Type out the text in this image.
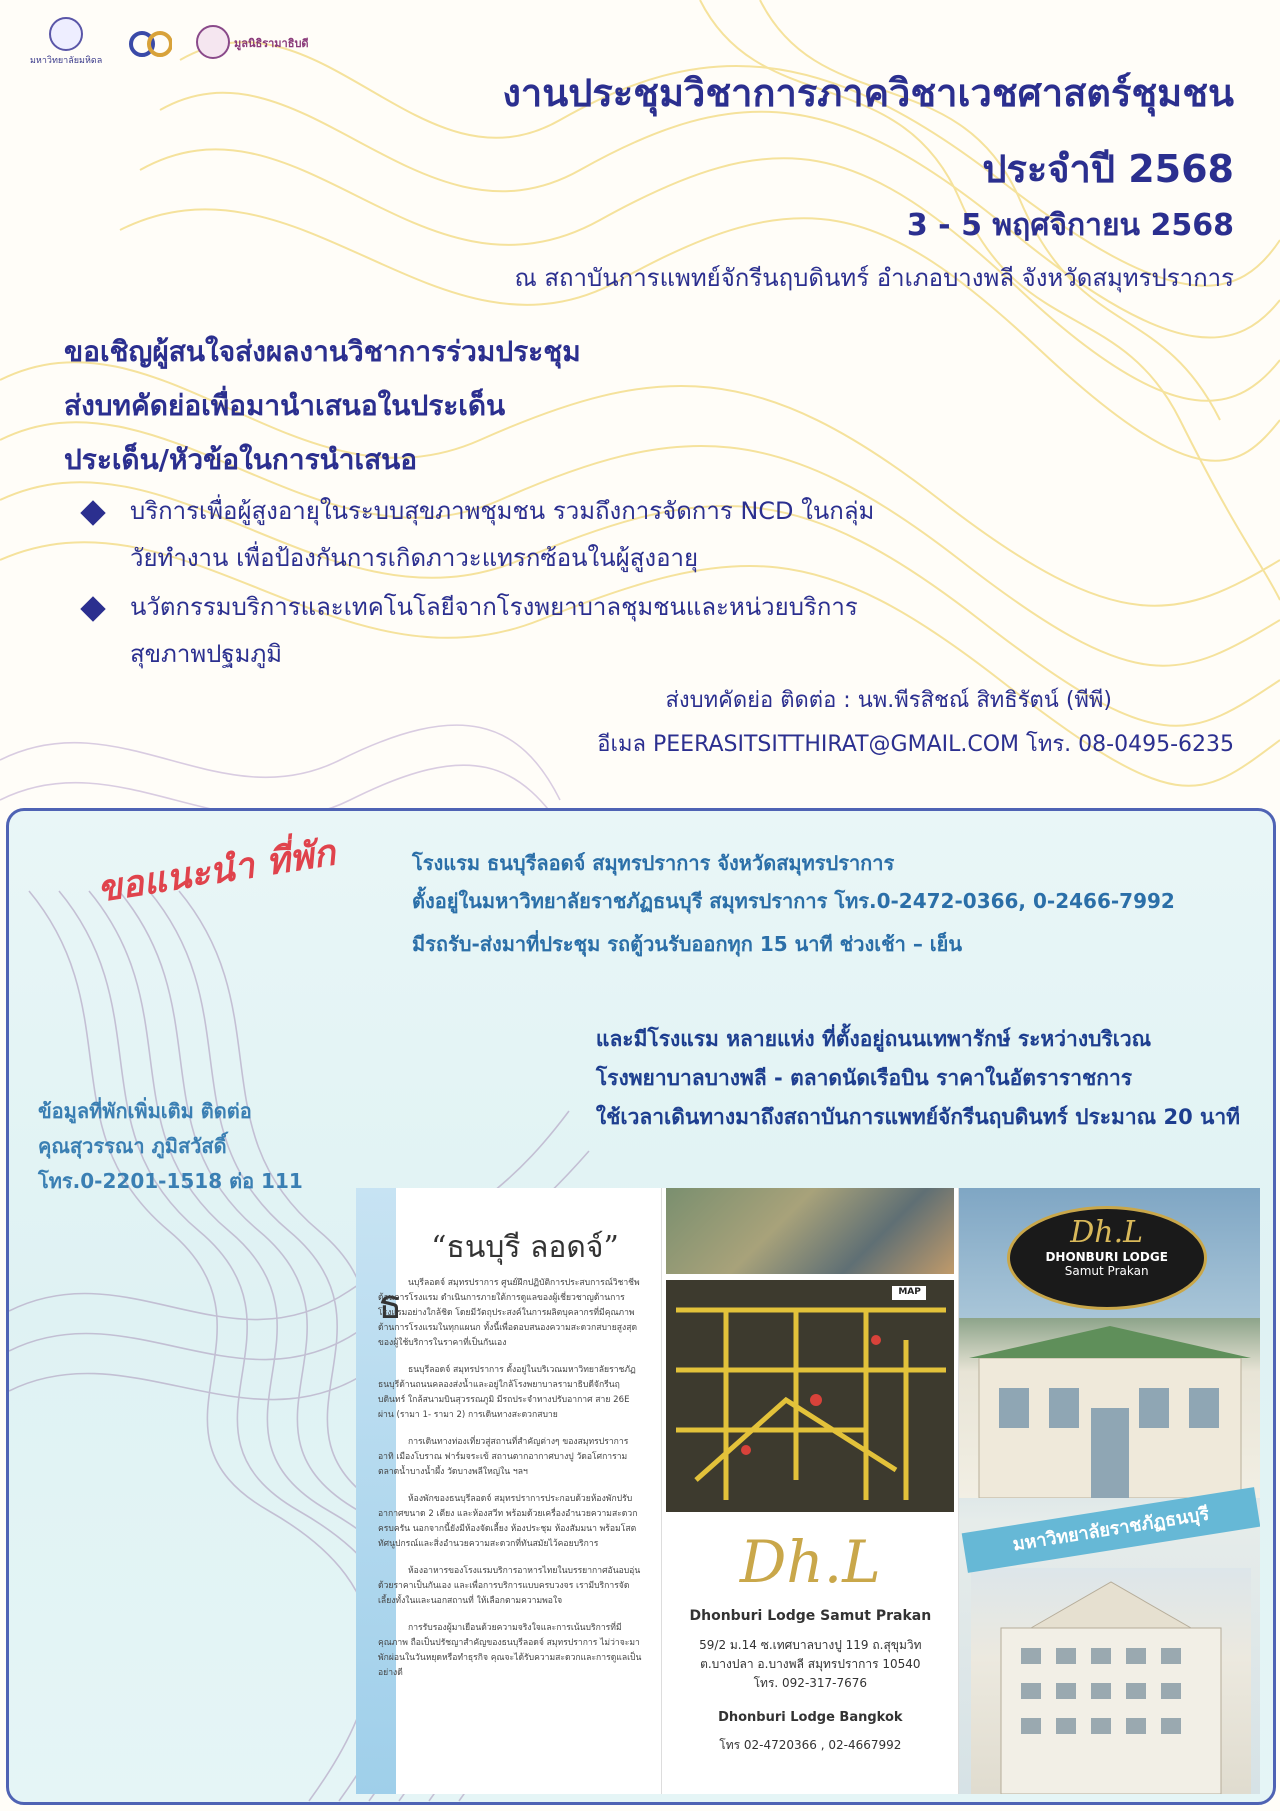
มหาวิทยาลัยมหิดล
มูลนิธิรามาธิบดี
งานประชุมวิชาการภาควิชาเวชศาสตร์ชุมชน
ประจำปี 2568
3 - 5 พฤศจิกายน 2568
ณ สถาบันการแพทย์จักรีนฤบดินทร์ อำเภอบางพลี จังหวัดสมุทรปราการ
ขอเชิญผู้สนใจส่งผลงานวิชาการร่วมประชุม
ส่งบทคัดย่อเพื่อมานำเสนอในประเด็น
ประเด็น/หัวข้อในการนำเสนอ
บริการเพื่อผู้สูงอายุในระบบสุขภาพชุมชน รวมถึงการจัดการ NCD ในกลุ่ม
วัยทำงาน เพื่อป้องกันการเกิดภาวะแทรกซ้อนในผู้สูงอายุ
นวัตกรรมบริการและเทคโนโลยีจากโรงพยาบาลชุมชนและหน่วยบริการ
สุขภาพปฐมภูมิ
ส่งบทคัดย่อ ติดต่อ : นพ.พีรสิชณ์ สิทธิรัตน์ (พีพี)
อีเมล PEERASITSITTHIRAT@GMAIL.COM โทร. 08-0495-6235
ขอแนะนำ ที่พัก	โรงแรม ธนบุรีลอดจ์ สมุทรปราการ จังหวัดสมุทรปราการ
ตั้งอยู่ในมหาวิทยาลัยราชภัฏธนบุรี สมุทรปราการ โทร.0-2472-0366, 0-2466-7992
มีรถรับ-ส่งมาที่ประชุม รถตู้วนรับออกทุก 15 นาที ช่วงเช้า – เย็น
และมีโรงแรม หลายแห่ง ที่ตั้งอยู่ถนนเทพารักษ์ ระหว่างบริเวณ
โรงพยาบาลบางพลี - ตลาดนัดเรือบิน ราคาในอัตราราชการ
ใช้เวลาเดินทางมาถึงสถาบันการแพทย์จักรีนฤบดินทร์ ประมาณ 20 นาที
ข้อมูลที่พักเพิ่มเติม ติดต่อ
คุณสุวรรณา ภูมิสวัสดิ์
โทร.0-2201-1518 ต่อ 111
“ธนบุรี ลอดจ์”
ธ นบุรีลอดจ์ สมุทรปราการ ศูนย์ฝึกปฏิบัติการประสบการณ์วิชาชีพด้านการโรงแรม ดำเนินการภายใต้การดูแลของผู้เชี่ยวชาญด้านการโรงแรมอย่างใกล้ชิด โดยมีวัตถุประสงค์ในการผลิตบุคลากรที่มีคุณภาพด้านการโรงแรมในทุกแผนก ทั้งนี้เพื่อตอบสนองความสะดวกสบายสูงสุดของผู้ใช้บริการในราคาที่เป็นกันเอง

ธนบุรีลอดจ์ สมุทรปราการ ตั้งอยู่ในบริเวณมหาวิทยาลัยราชภัฏธนบุรีด้านถนนคลองส่งน้ำและอยู่ใกล้โรงพยาบาลรามาธิบดีจักรีนฤบดินทร์ ใกล้สนามบินสุวรรณภูมิ มีรถประจำทางปรับอากาศ สาย 26E ผ่าน (รามา 1- รามา 2) การเดินทางสะดวกสบาย

การเดินทางท่องเที่ยวสู่สถานที่สำคัญต่างๆ ของสมุทรปราการ อาทิ เมืองโบราณ ฟาร์มจระเข้ สถานตากอากาศบางปู วัดอโศการาม ตลาดน้ำบางน้ำผึ้ง วัดบางพลีใหญ่ใน ฯลฯ

ห้องพักของธนบุรีลอดจ์ สมุทรปราการประกอบด้วยห้องพักปรับอากาศขนาด 2 เตียง และห้องสวีท พร้อมด้วยเครื่องอำนวยความสะดวกครบครัน นอกจากนี้ยังมีห้องจัดเลี้ยง ห้องประชุม ห้องสัมมนา พร้อมโสตทัศนูปกรณ์และสิ่งอำนวยความสะดวกที่ทันสมัยไว้คอยบริการ

ห้องอาหารของโรงแรมบริการอาหารไทยในบรรยากาศอันอบอุ่น ด้วยราคาเป็นกันเอง และเพื่อการบริการแบบครบวงจร เรามีบริการจัดเลี้ยงทั้งในและนอกสถานที่ ให้เลือกตามความพอใจ

การรับรองผู้มาเยือนด้วยความจริงใจและการเน้นบริการที่มีคุณภาพ ถือเป็นปรัชญาสำคัญของธนบุรีลอดจ์ สมุทรปราการ ไม่ว่าจะมาพักผ่อนในวันหยุดหรือทำธุรกิจ คุณจะได้รับความสะดวกและการดูแลเป็นอย่างดี

MAP
Dh.L
Dhonburi Lodge Samut Prakan
59/2 ม.14 ซ.เทศบาลบางปู 119 ถ.สุขุมวิท
ต.บางปลา อ.บางพลี สมุทรปราการ 10540
โทร. 092-317-7676
Dhonburi Lodge Bangkok
โทร 02-4720366 , 02-4667992
Dh.L
DHONBURI LODGE
Samut Prakan
มหาวิทยาลัยราชภัฏธนบุรี
